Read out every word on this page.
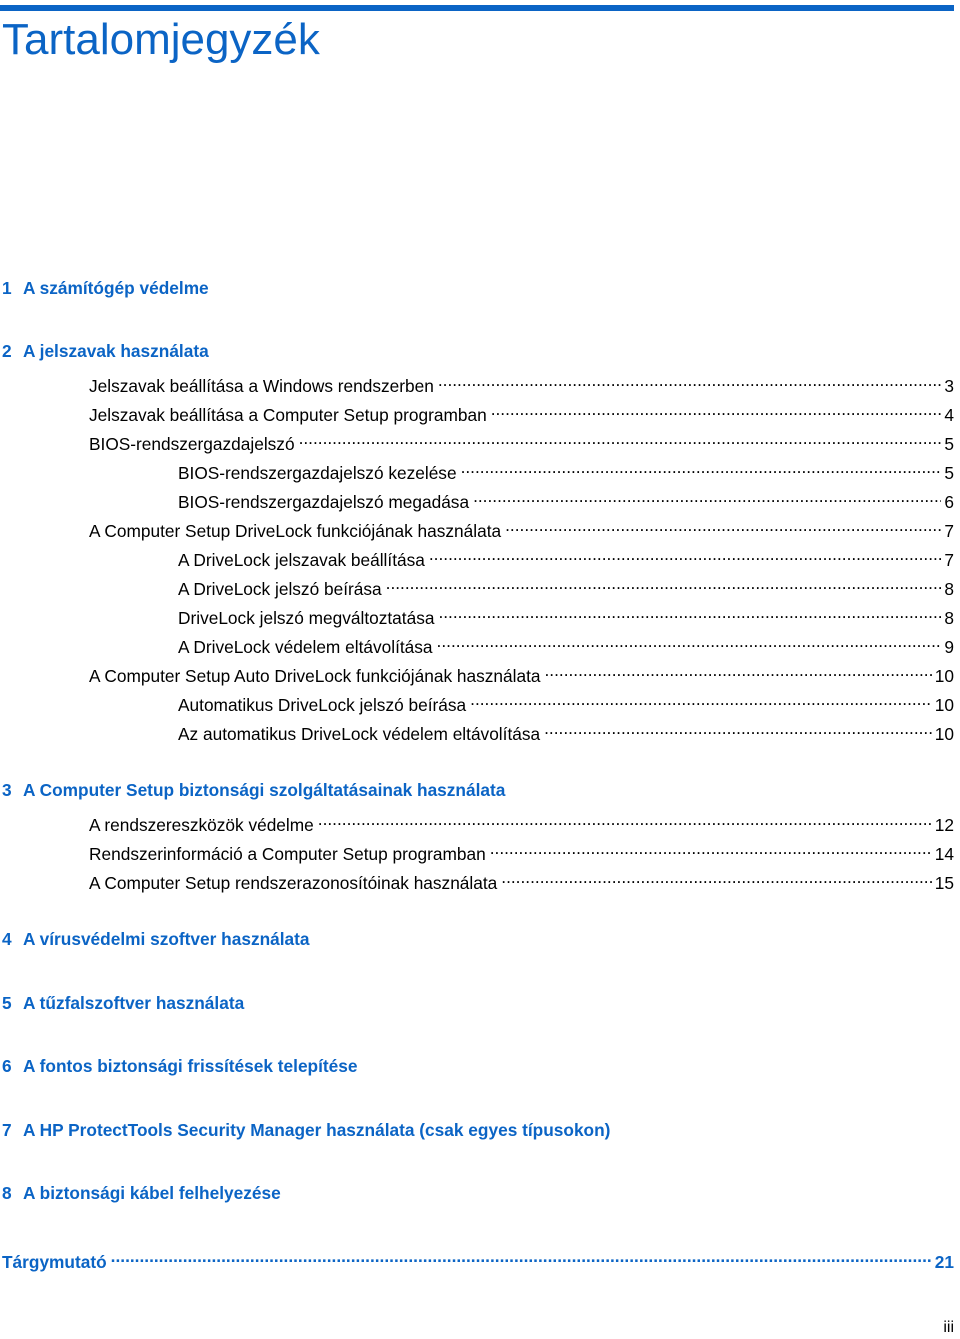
Tartalomjegyzék
1 A számítógép védelme
2 A jelszavak használata
Jelszavak beállítása a Windows rendszerben .....	3
Jelszavak beállítása a Computer Setup programban .....	4
BIOS-rendszergazdajelszó .....	5
BIOS-rendszergazdajelszó kezelése .....	5
BIOS-rendszergazdajelszó megadása .....	6
A Computer Setup DriveLock funkciójának használata .....	7
A DriveLock jelszavak beállítása .....	7
A DriveLock jelszó beírása .....	8
DriveLock jelszó megváltoztatása .....	8
A DriveLock védelem eltávolítása .....	9
A Computer Setup Auto DriveLock funkciójának használata .....	10
Automatikus DriveLock jelszó beírása .....	10
Az automatikus DriveLock védelem eltávolítása .....	10
3 A Computer Setup biztonsági szolgáltatásainak használata
A rendszereszközök védelme .....	12
Rendszerinformáció a Computer Setup programban .....	14
A Computer Setup rendszerazonosítóinak használata .....	15
4 A vírusvédelmi szoftver használata
5 A tűzfalszoftver használata
6 A fontos biztonsági frissítések telepítése
7 A HP ProtectTools Security Manager használata (csak egyes típusokon)
8 A biztonsági kábel felhelyezése
Tárgymutató .....	21
iii
